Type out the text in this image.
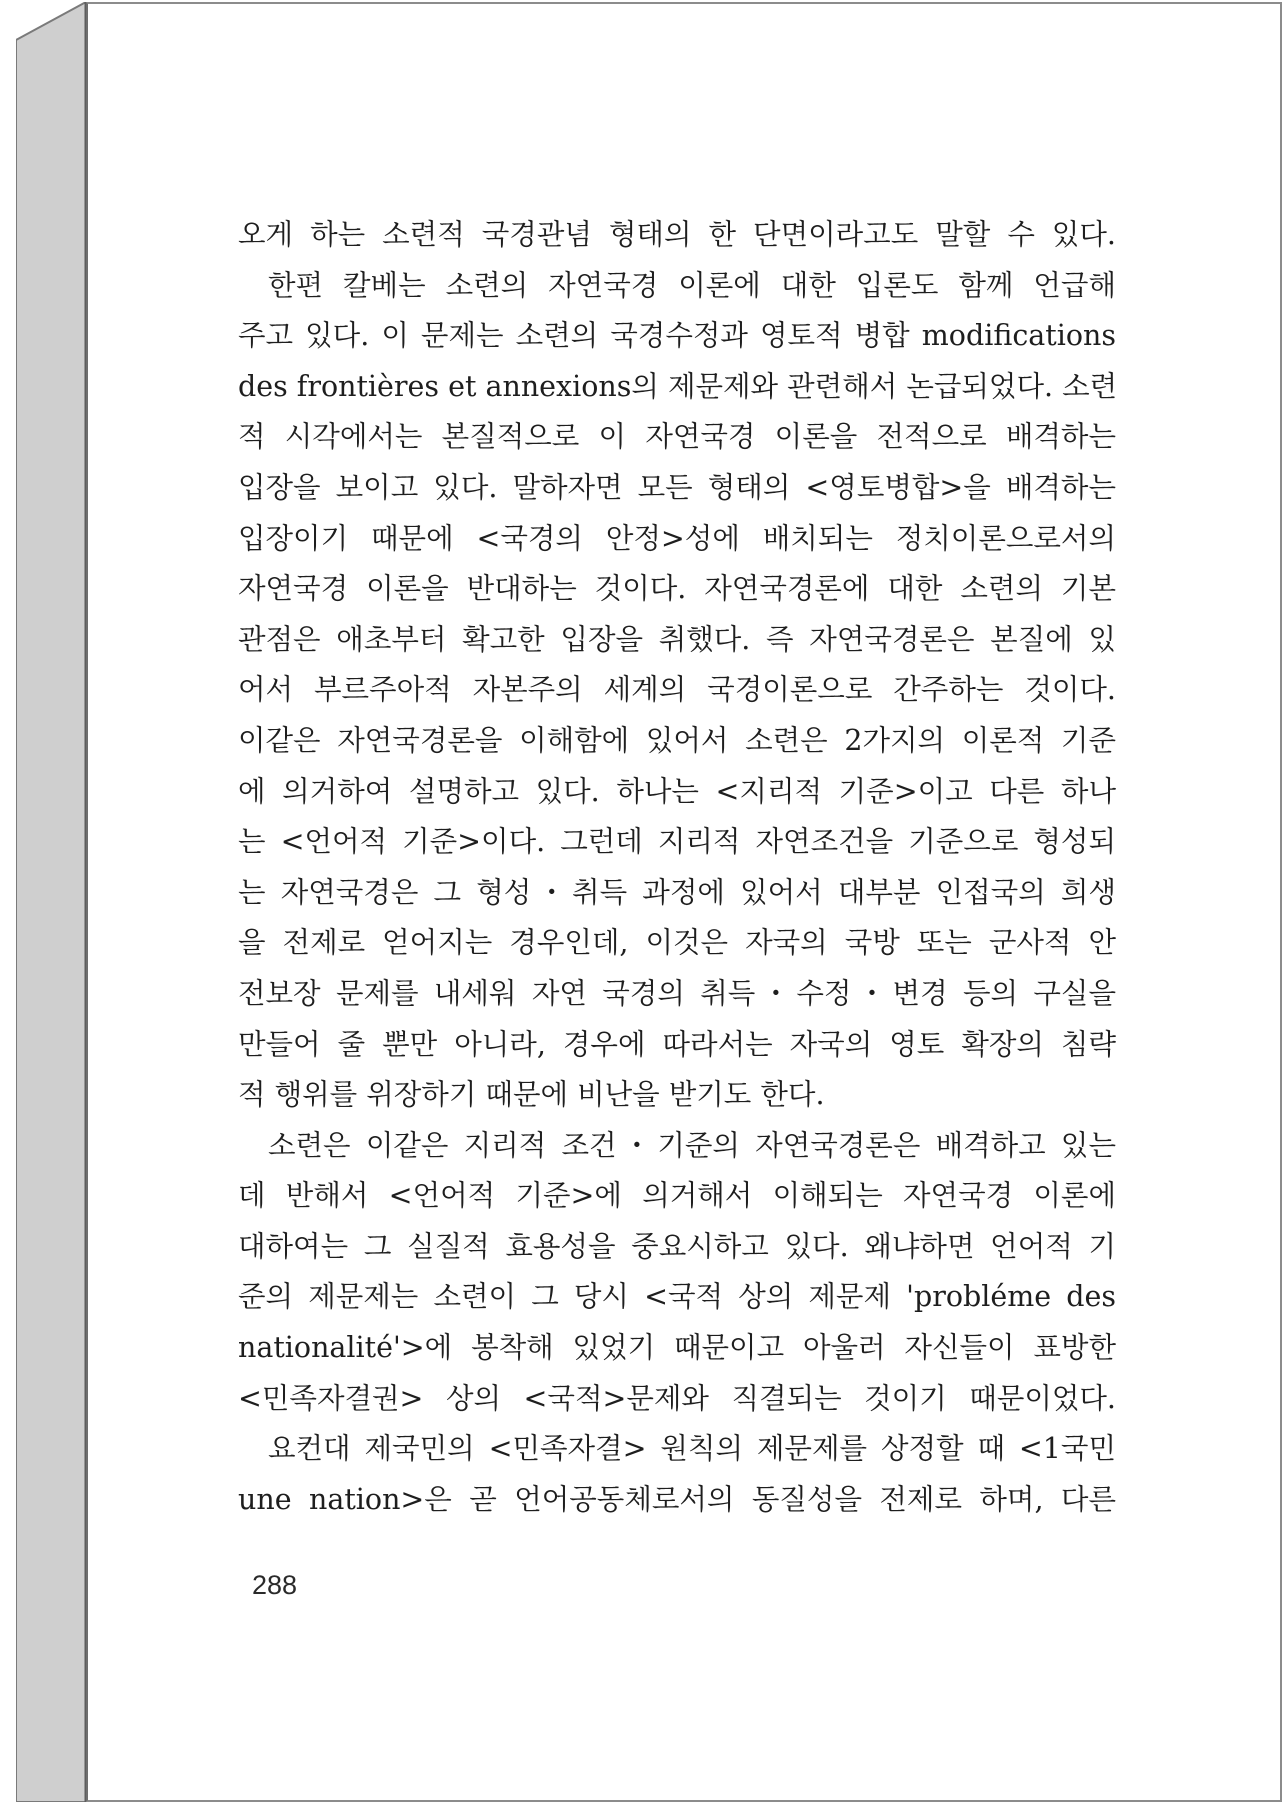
오게 하는 소련적 국경관념 형태의 한 단면이라고도 말할 수 있다.
한편 칼베는 소련의 자연국경 이론에 대한 입론도 함께 언급해
주고 있다. 이 문제는 소련의 국경수정과 영토적 병합 modifications
des frontières et annexions의 제문제와 관련해서 논급되었다. 소련
적 시각에서는 본질적으로 이 자연국경 이론을 전적으로 배격하는
입장을 보이고 있다. 말하자면 모든 형태의 <영토병합>을 배격하는
입장이기 때문에 <국경의 안정>성에 배치되는 정치이론으로서의
자연국경 이론을 반대하는 것이다. 자연국경론에 대한 소련의 기본
관점은 애초부터 확고한 입장을 취했다. 즉 자연국경론은 본질에 있
어서 부르주아적 자본주의 세계의 국경이론으로 간주하는 것이다.
이같은 자연국경론을 이해함에 있어서 소련은 2가지의 이론적 기준
에 의거하여 설명하고 있다. 하나는 <지리적 기준>이고 다른 하나
는 <언어적 기준>이다. 그런데 지리적 자연조건을 기준으로 형성되
는 자연국경은 그 형성・취득 과정에 있어서 대부분 인접국의 희생
을 전제로 얻어지는 경우인데, 이것은 자국의 국방 또는 군사적 안
전보장 문제를 내세워 자연 국경의 취득・수정・변경 등의 구실을
만들어 줄 뿐만 아니라, 경우에 따라서는 자국의 영토 확장의 침략
적 행위를 위장하기 때문에 비난을 받기도 한다.
소련은 이같은 지리적 조건・기준의 자연국경론은 배격하고 있는
데 반해서 <언어적 기준>에 의거해서 이해되는 자연국경 이론에
대하여는 그 실질적 효용성을 중요시하고 있다. 왜냐하면 언어적 기
준의 제문제는 소련이 그 당시 <국적 상의 제문제 'probléme des
nationalité'>에 봉착해 있었기 때문이고 아울러 자신들이 표방한
<민족자결권> 상의 <국적>문제와 직결되는 것이기 때문이었다.
요컨대 제국민의 <민족자결> 원칙의 제문제를 상정할 때 <1국민
une nation>은 곧 언어공동체로서의 동질성을 전제로 하며, 다른
288
